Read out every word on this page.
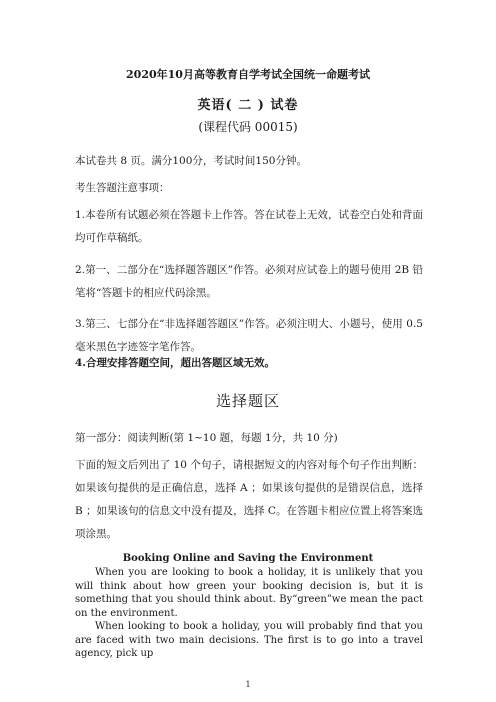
2020年10月高等教育自学考试全国统一命题考试
英语( 二 ) 试卷
(课程代码 00015)
本试卷共 8 页。满分100分，考试时间150分钟。
考生答题注意事项：
1.本卷所有试题必须在答题卡上作答。答在试卷上无效，试卷空白处和背面均可作草稿纸。
2.第一、二部分在“选择题答题区”作答。必须对应试卷上的题号使用 2B 铅笔将“答题卡的相应代码涂黑。
3.第三、七部分在“非选择题答题区”作答。必须注明大、小题号，使用 0.5 毫米黑色字迹签字笔作答。
4.合理安排答题空间，超出答题区域无效。
选择题区
第一部分：阅读判断(第 1~10 题，每题 1分，共 10 分)
下面的短文后列出了 10 个句子，请根据短文的内容对每个句子作出判断：如果该句提供的是正确信息，选择 A ；如果该句提供的是错误信息，选择 B ；如果该句的信息文中没有提及，选择 C。在答题卡相应位置上将答案选项涂黑。
Booking Online and Saving the Environment
When you are looking to book a holiday, it is unlikely that you will think about how green your booking decision is, but it is something that you should think about. By“green”we mean the pact on the environment.
When looking to book a holiday, you will probably find that you are faced with two main decisions. The first is to go into a travel agency, pick up
1
